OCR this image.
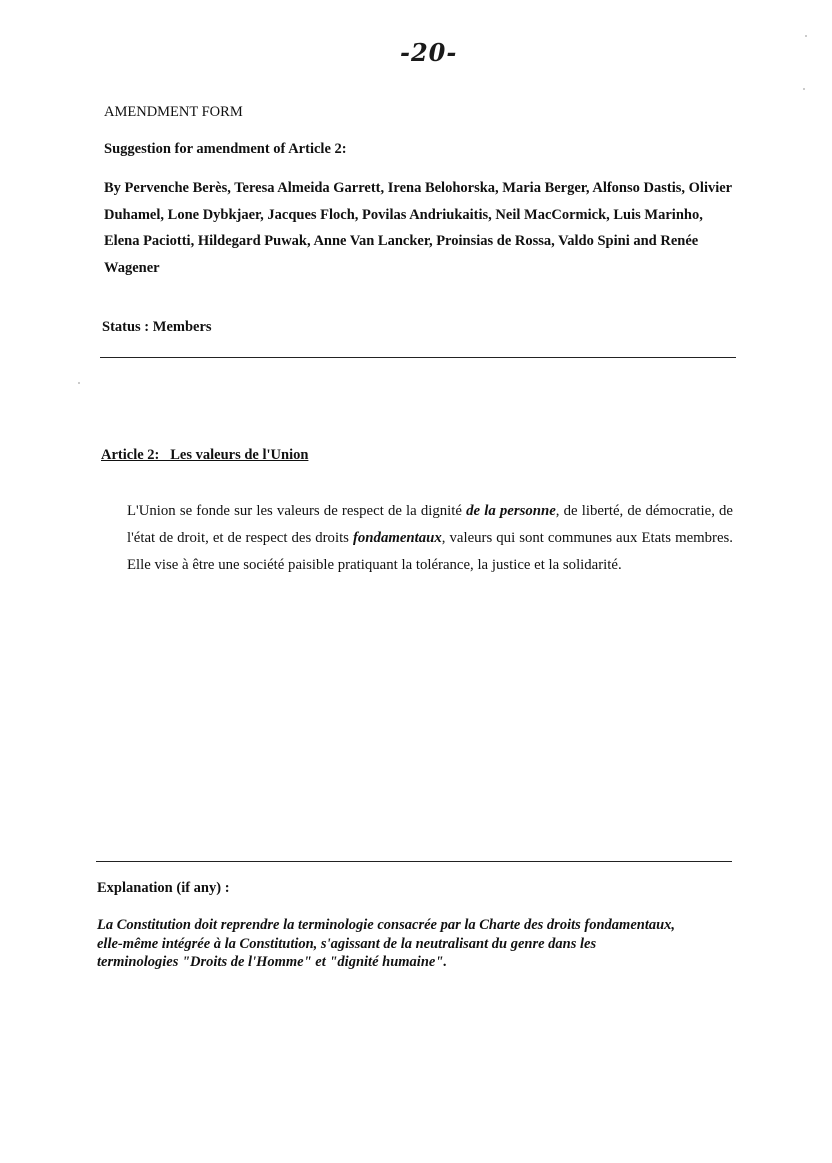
-20-
AMENDMENT FORM

Suggestion for amendment of Article 2:

By Pervenche Berès, Teresa Almeida Garrett, Irena Belohorska, Maria Berger, Alfonso Dastis, Olivier Duhamel, Lone Dybkjaer, Jacques Floch, Povilas Andriukaitis, Neil MacCormick, Luis Marinho, Elena Paciotti, Hildegard Puwak, Anne Van Lancker, Proinsias de Rossa, Valdo Spini and Renée Wagener

Status : Members

Article 2:   Les valeurs de l'Union

L'Union se fonde sur les valeurs de respect de la dignité de la personne, de liberté, de démocratie, de l'état de droit, et de respect des droits fondamentaux, valeurs qui sont communes aux Etats membres. Elle vise à être une société paisible pratiquant la tolérance, la justice et la solidarité.

Explanation (if any) :

La Constitution doit reprendre la terminologie consacrée par la Charte des droits fondamentaux,
elle-même intégrée à la Constitution, s'agissant de la neutralisant du genre dans les
terminologies "Droits de l'Homme" et "dignité humaine".
